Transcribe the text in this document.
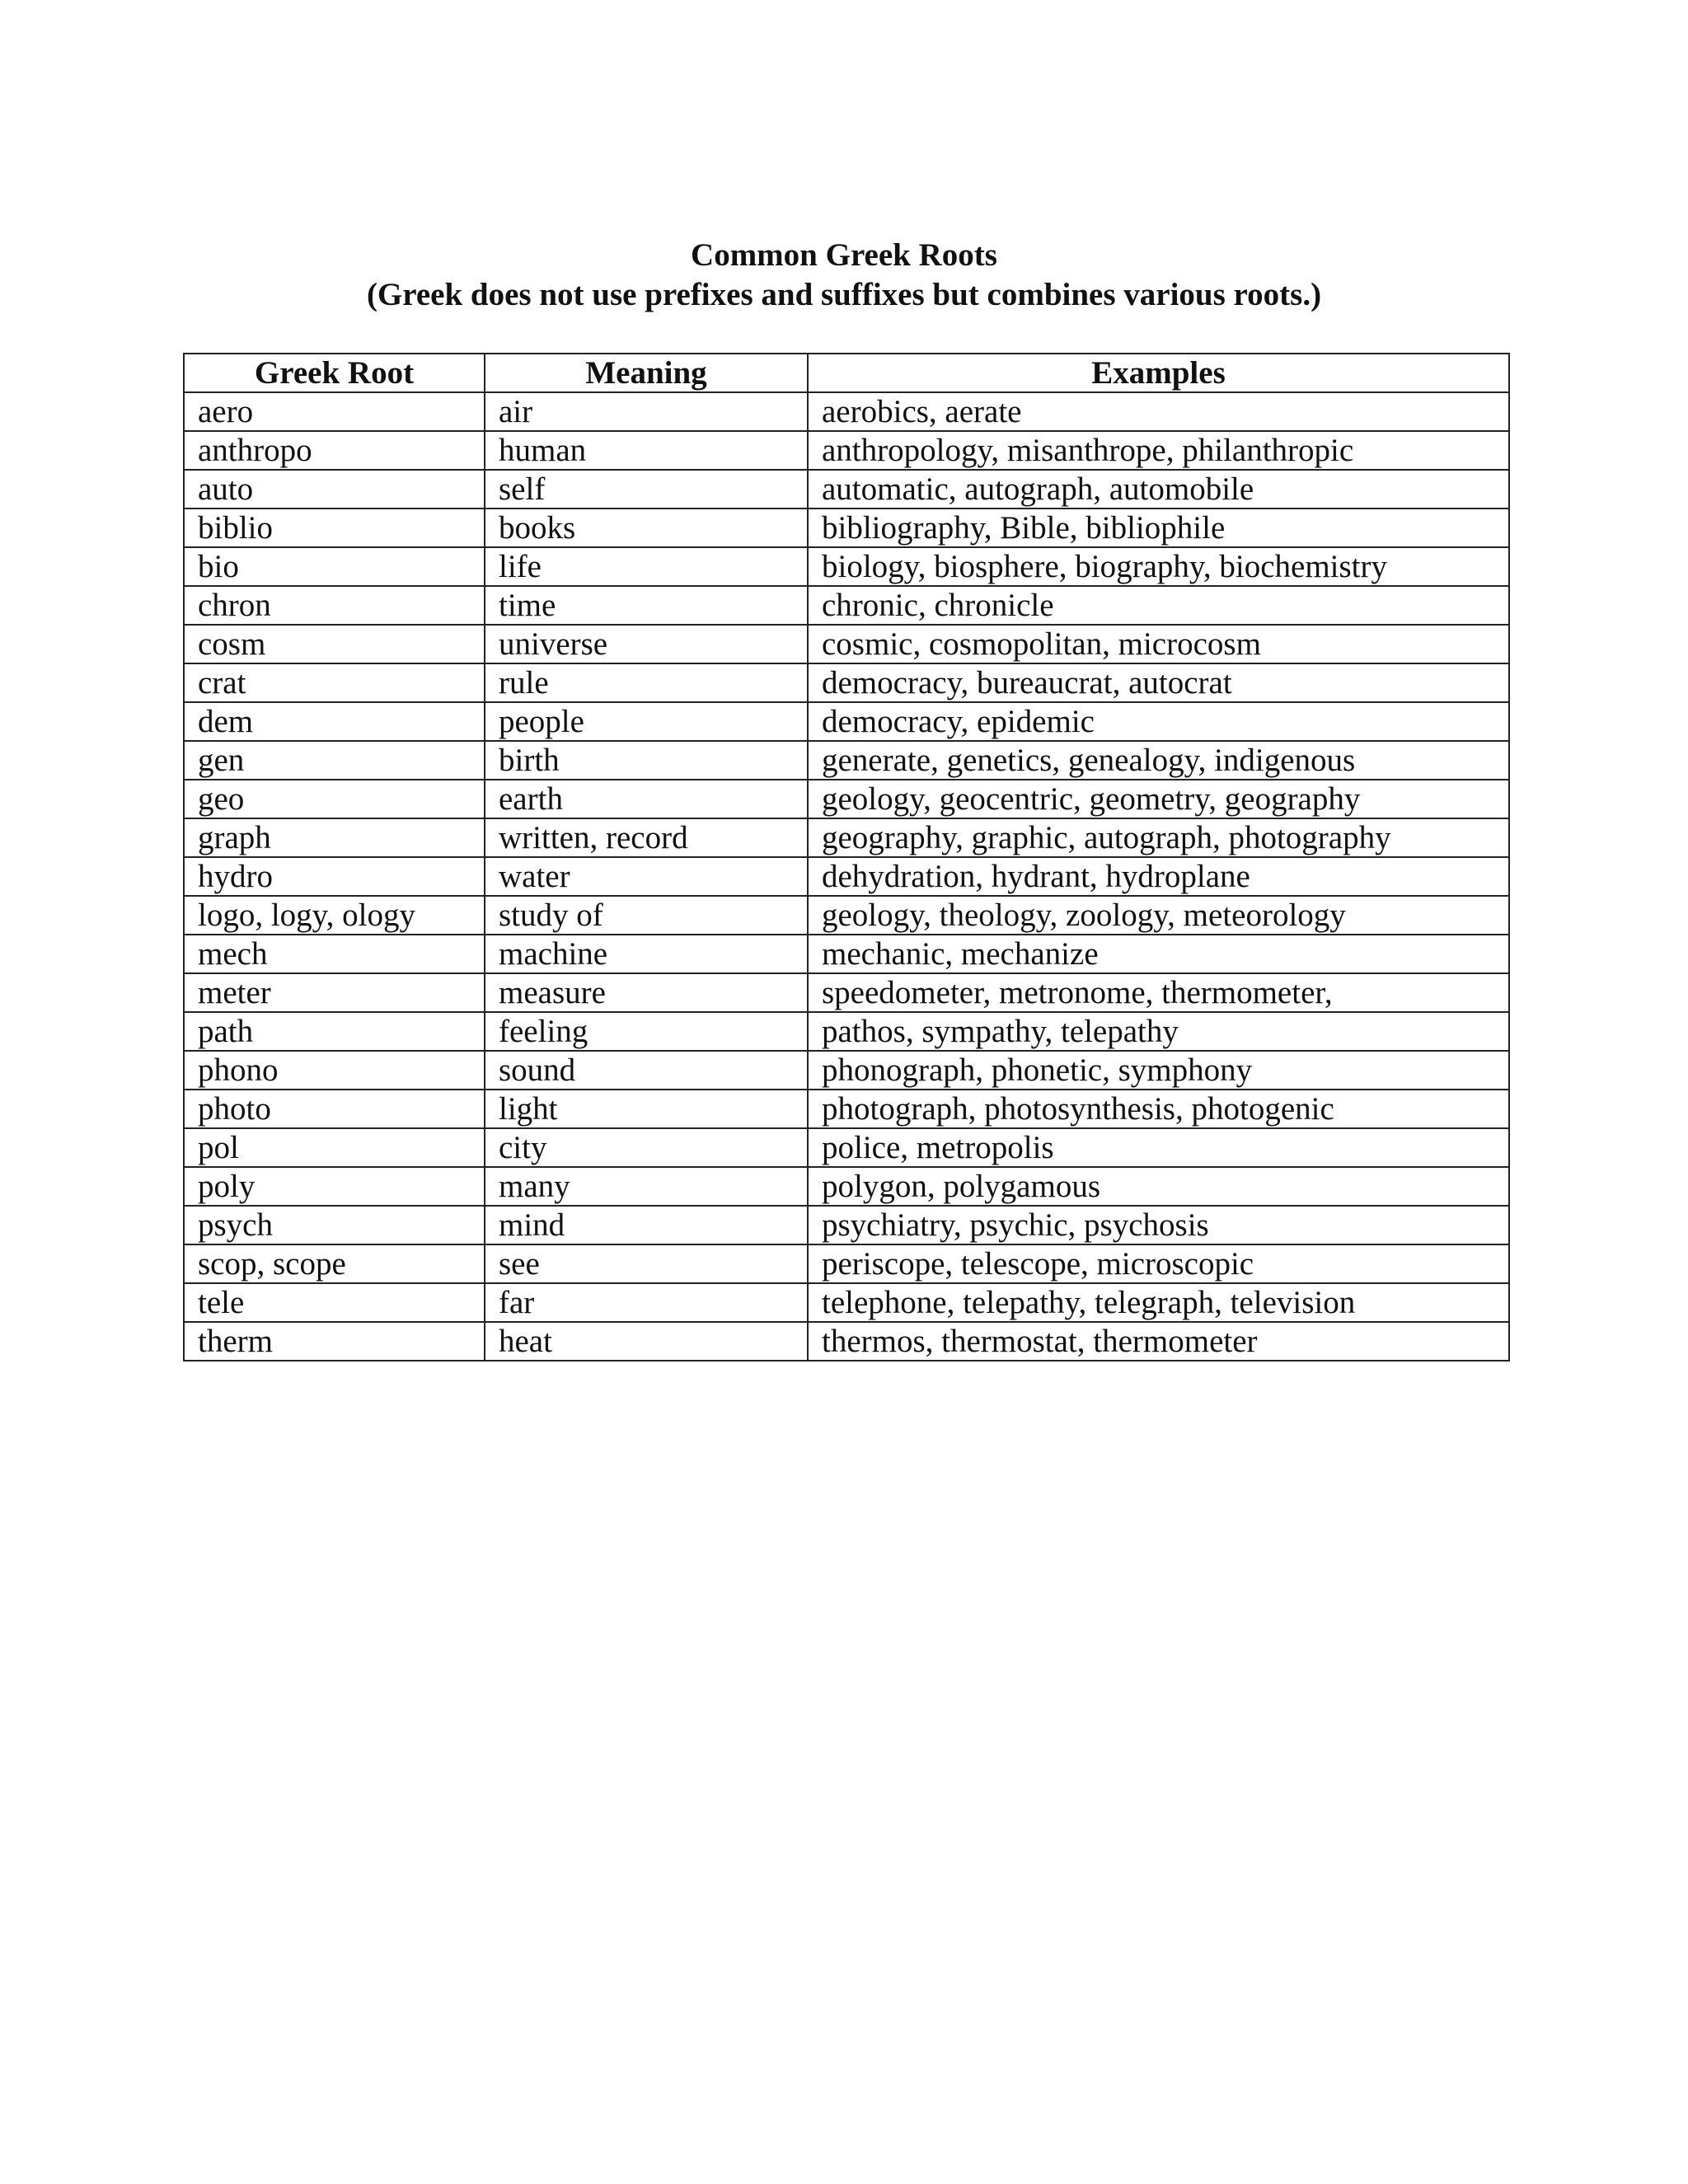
Common Greek Roots
(Greek does not use prefixes and suffixes but combines various roots.)
Greek Root	Meaning	Examples
aero	air	aerobics, aerate
anthropo	human	anthropology, misanthrope, philanthropic
auto	self	automatic, autograph, automobile
biblio	books	bibliography, Bible, bibliophile
bio	life	biology, biosphere, biography, biochemistry
chron	time	chronic, chronicle
cosm	universe	cosmic, cosmopolitan, microcosm
crat	rule	democracy, bureaucrat, autocrat
dem	people	democracy, epidemic
gen	birth	generate, genetics, genealogy, indigenous
geo	earth	geology, geocentric, geometry, geography
graph	written, record	geography, graphic, autograph, photography
hydro	water	dehydration, hydrant, hydroplane
logo, logy, ology	study of	geology, theology, zoology, meteorology
mech	machine	mechanic, mechanize
meter	measure	speedometer, metronome, thermometer,
path	feeling	pathos, sympathy, telepathy
phono	sound	phonograph, phonetic, symphony
photo	light	photograph, photosynthesis, photogenic
pol	city	police, metropolis
poly	many	polygon, polygamous
psych	mind	psychiatry, psychic, psychosis
scop, scope	see	periscope, telescope, microscopic
tele	far	telephone, telepathy, telegraph, television
therm	heat	thermos, thermostat, thermometer
